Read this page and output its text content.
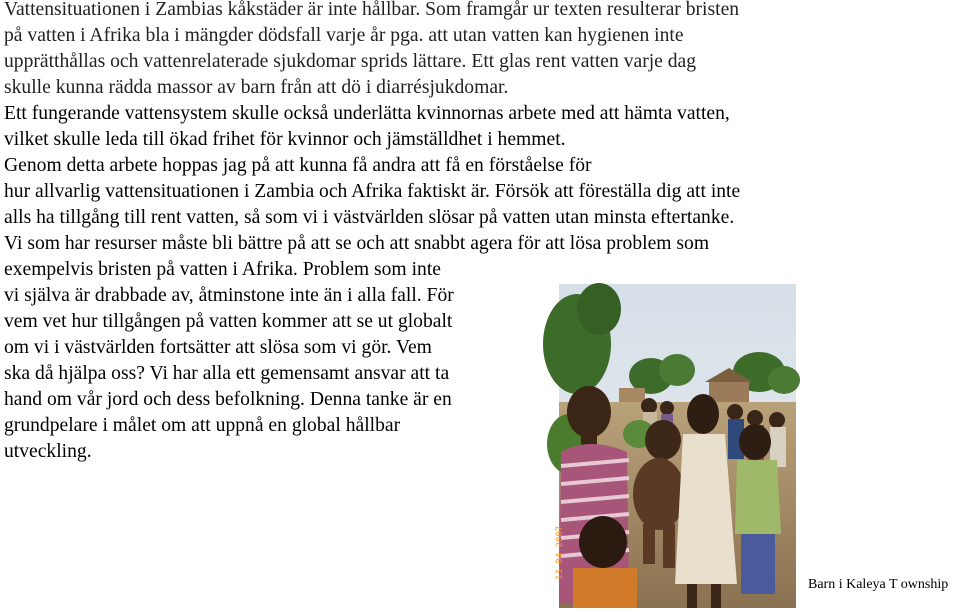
Vattensituationen i Zambias kåkstäder är inte hållbar. Som framgår ur texten resulterar bristen

på vatten i Afrika bla i mängder dödsfall varje år pga. att utan vatten kan hygienen inte

upprätthållas och vattenrelaterade sjukdomar sprids lättare. Ett glas rent vatten varje dag

skulle kunna rädda massor av barn från att dö i diarrésjukdomar.

Ett fungerande vattensystem skulle också underlätta kvinnornas arbete med att hämta vatten,

vilket skulle leda till ökad frihet för kvinnor och jämställdhet i hemmet.

Genom detta arbete hoppas jag på att kunna få andra att få en förståelse för

hur allvarlig vattensituationen i Zambia och Afrika faktiskt är. Försök att föreställa dig att inte

alls ha tillgång till rent vatten, så som vi i västvärlden slösar på vatten utan minsta eftertanke.

Vi som har resurser måste bli bättre på att se och att snabbt agera för att lösa problem som

exempelvis bristen på vatten i Afrika. Problem som inte

vi själva är drabbade av, åtminstone inte än i alla fall. För

vem vet hur tillgången på vatten kommer att se ut globalt

om vi i västvärlden fortsätter att slösa som vi gör. Vem

ska då hjälpa oss? Vi har alla ett gemensamt ansvar att ta

hand om vår jord och dess befolkning. Denna tanke är en

grundpelare i målet om att uppnå en global hållbar

utveckling.

13 04 2007
Barn i Kaleya T ownship
